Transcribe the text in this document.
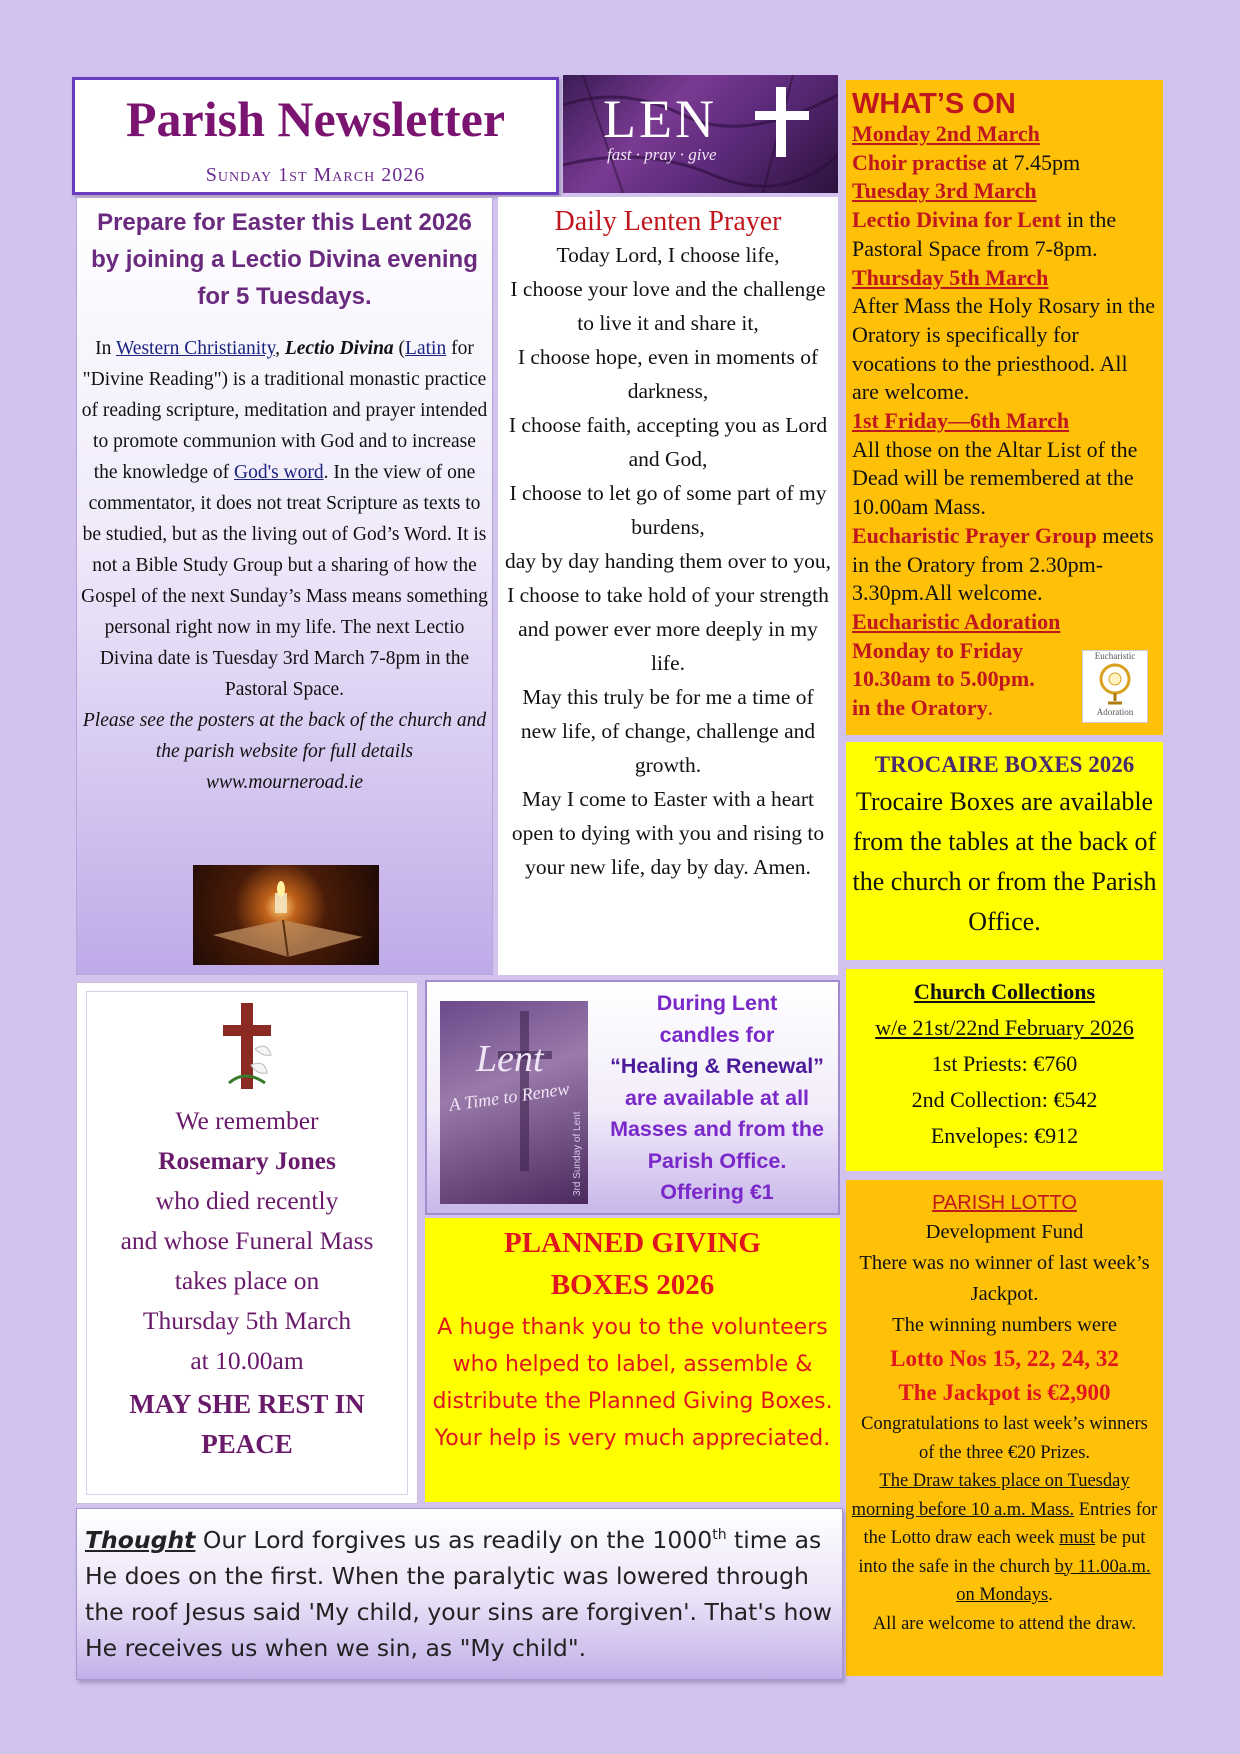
Parish Newsletter
Sunday 1st March 2026
LEN
fast · pray · give
Prepare for Easter this Lent 2026 by joining a Lectio Divina evening for 5 Tuesdays.
In Western Christianity, Lectio Divina (Latin for "Divine Reading") is a traditional monastic practice of reading scripture, meditation and prayer intended to promote communion with God and to increase the knowledge of God's word. In the view of one commentator, it does not treat Scripture as texts to be studied, but as the living out of God’s Word. It is not a Bible Study Group but a sharing of how the Gospel of the next Sunday’s Mass means something personal right now in my life. The next Lectio Divina date is Tuesday 3rd March 7-8pm in the Pastoral Space.
Please see the posters at the back of the church and the parish website for full details www.mourneroad.ie
Daily Lenten Prayer
Today Lord, I choose life,
I choose your love and the challenge to live it and share it,
I choose hope, even in moments of darkness,
I choose faith, accepting you as Lord and God,
I choose to let go of some part of my burdens,
day by day handing them over to you,
I choose to take hold of your strength and power ever more deeply in my life.
May this truly be for me a time of new life, of change, challenge and growth.
May I come to Easter with a heart open to dying with you and rising to your new life, day by day. Amen.
WHAT’S ON
Monday 2nd March
Choir practise at 7.45pm
Tuesday 3rd March
Lectio Divina for Lent in the Pastoral Space from 7-8pm.
Thursday 5th March
After Mass the Holy Rosary in the Oratory is specifically for vocations to the priesthood. All are welcome.
1st Friday—6th March
All those on the Altar List of the Dead will be remembered at the 10.00am Mass.
Eucharistic Prayer Group meets in the Oratory from 2.30pm-3.30pm.All welcome.
Eucharistic Adoration
Monday to Friday
10.30am to 5.00pm.
in the Oratory.
Eucharistic
Adoration
TROCAIRE BOXES 2026
Trocaire Boxes are available from the tables at the back of the church or from the Parish Office.
Church Collections
w/e 21st/22nd February 2026
1st Priests: €760
2nd Collection: €542
Envelopes: €912
PARISH LOTTO
Development Fund
There was no winner of last week’s Jackpot.
The winning numbers were
Lotto Nos 15, 22, 24, 32
The Jackpot is €2,900
Congratulations to last week’s winners of the three €20 Prizes.
The Draw takes place on Tuesday morning before 10 a.m. Mass. Entries for the Lotto draw each week must be put into the safe in the church by 11.00a.m. on Mondays.
All are welcome to attend the draw.
We remember
Rosemary Jones
who died recently
and whose Funeral Mass
takes place on
Thursday 5th March
at 10.00am
MAY SHE REST IN PEACE
Lent
A Time to Renew
3rd Sunday of Lent
During Lent
candles for
“Healing & Renewal”
are available at all Masses and from the Parish Office.
Offering €1
PLANNED GIVING BOXES 2026
A huge thank you to the volunteers who helped to label, assemble & distribute the Planned Giving Boxes. Your help is very much appreciated.
Thought Our Lord forgives us as readily on the 1000th time as He does on the first. When the paralytic was lowered through the roof Jesus said 'My child, your sins are forgiven'. That's how He receives us when we sin, as "My child".
